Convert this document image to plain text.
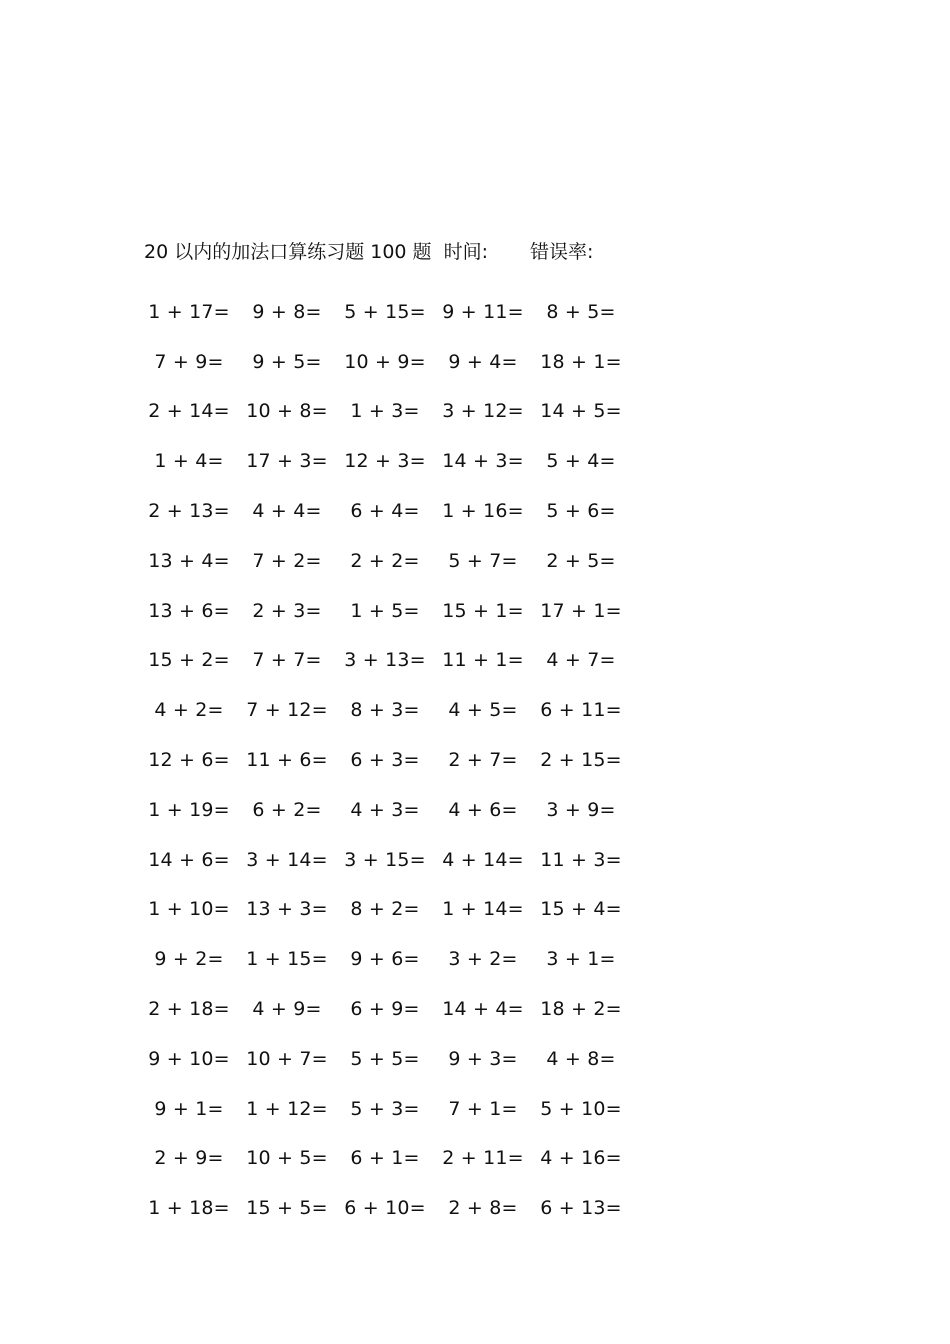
20 以内的加法口算练习题 100 题 时间: 错误率:
1 + 17=	9 + 8=	5 + 15= 9 + 11=	8 + 5=
7 + 9=	9 + 5=	10 + 9=	9 + 4=	18 + 1=
2 + 14= 10 + 8=	1 + 3=	3 + 12= 14 + 5=
1 + 4=	17 + 3= 12 + 3= 14 + 3=	5 + 4=
2 + 13=	4 + 4=	6 + 4=	1 + 16=	5 + 6=
13 + 4=	7 + 2=	2 + 2=	5 + 7=	2 + 5=
13 + 6=	2 + 3=	1 + 5=	15 + 1= 17 + 1=
15 + 2=	7 + 7=	3 + 13= 11 + 1=	4 + 7=
4 + 2=	7 + 12=	8 + 3=	4 + 5=	6 + 11=
12 + 6= 11 + 6=	6 + 3=	2 + 7=	2 + 15=
1 + 19=	6 + 2=	4 + 3=	4 + 6=	3 + 9=
14 + 6= 3 + 14= 3 + 15= 4 + 14= 11 + 3=
1 + 10= 13 + 3=	8 + 2=	1 + 14= 15 + 4=
9 + 2=	1 + 15=	9 + 6=	3 + 2=	3 + 1=
2 + 18=	4 + 9=	6 + 9=	14 + 4= 18 + 2=
9 + 10= 10 + 7=	5 + 5=	9 + 3=	4 + 8=
9 + 1=	1 + 12=	5 + 3=	7 + 1=	5 + 10=
2 + 9=	10 + 5=	6 + 1=	2 + 11= 4 + 16=
1 + 18= 15 + 5= 6 + 10=	2 + 8=	6 + 13=
